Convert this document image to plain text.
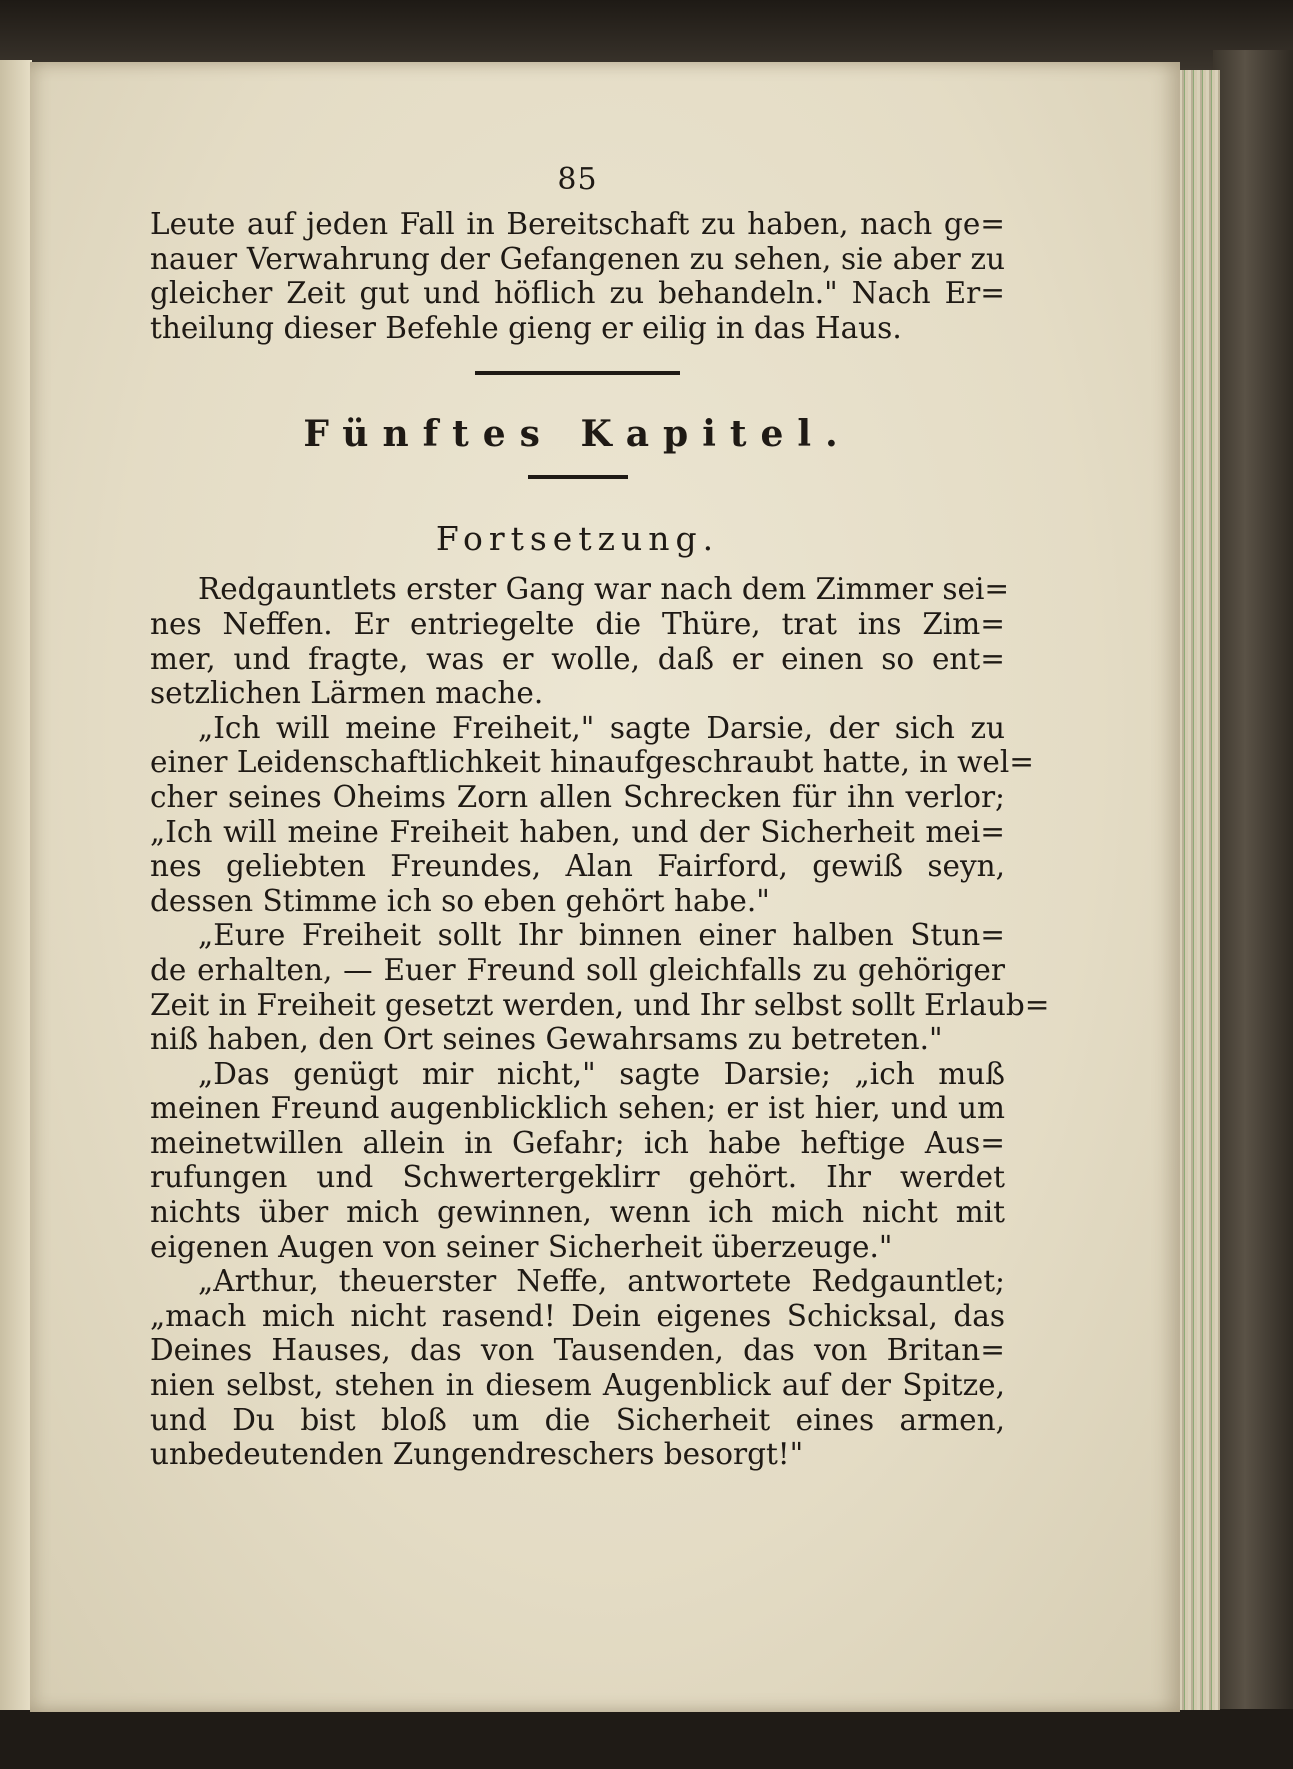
85
Leute auf jeden Fall in Bereitschaft zu haben, nach ge=
nauer Verwahrung der Gefangenen zu sehen, sie aber zu
gleicher Zeit gut und höflich zu behandeln." Nach Er=
theilung dieser Befehle gieng er eilig in das Haus.
Fünftes Kapitel.
Fortsetzung.
Redgauntlets erster Gang war nach dem Zimmer sei=
nes Neffen. Er entriegelte die Thüre, trat ins Zim=
mer, und fragte, was er wolle, daß er einen so ent=
setzlichen Lärmen mache.
„Ich will meine Freiheit," sagte Darsie, der sich zu
einer Leidenschaftlichkeit hinaufgeschraubt hatte, in wel=
cher seines Oheims Zorn allen Schrecken für ihn verlor;
„Ich will meine Freiheit haben, und der Sicherheit mei=
nes geliebten Freundes, Alan Fairford, gewiß seyn,
dessen Stimme ich so eben gehört habe."
„Eure Freiheit sollt Ihr binnen einer halben Stun=
de erhalten, — Euer Freund soll gleichfalls zu gehöriger
Zeit in Freiheit gesetzt werden, und Ihr selbst sollt Erlaub=
niß haben, den Ort seines Gewahrsams zu betreten."
„Das genügt mir nicht," sagte Darsie; „ich muß
meinen Freund augenblicklich sehen; er ist hier, und um
meinetwillen allein in Gefahr; ich habe heftige Aus=
rufungen und Schwertergeklirr gehört. Ihr werdet
nichts über mich gewinnen, wenn ich mich nicht mit
eigenen Augen von seiner Sicherheit überzeuge."
„Arthur, theuerster Neffe, antwortete Redgauntlet;
„mach mich nicht rasend! Dein eigenes Schicksal, das
Deines Hauses, das von Tausenden, das von Britan=
nien selbst, stehen in diesem Augenblick auf der Spitze,
und Du bist bloß um die Sicherheit eines armen,
unbedeutenden Zungendreschers besorgt!"
